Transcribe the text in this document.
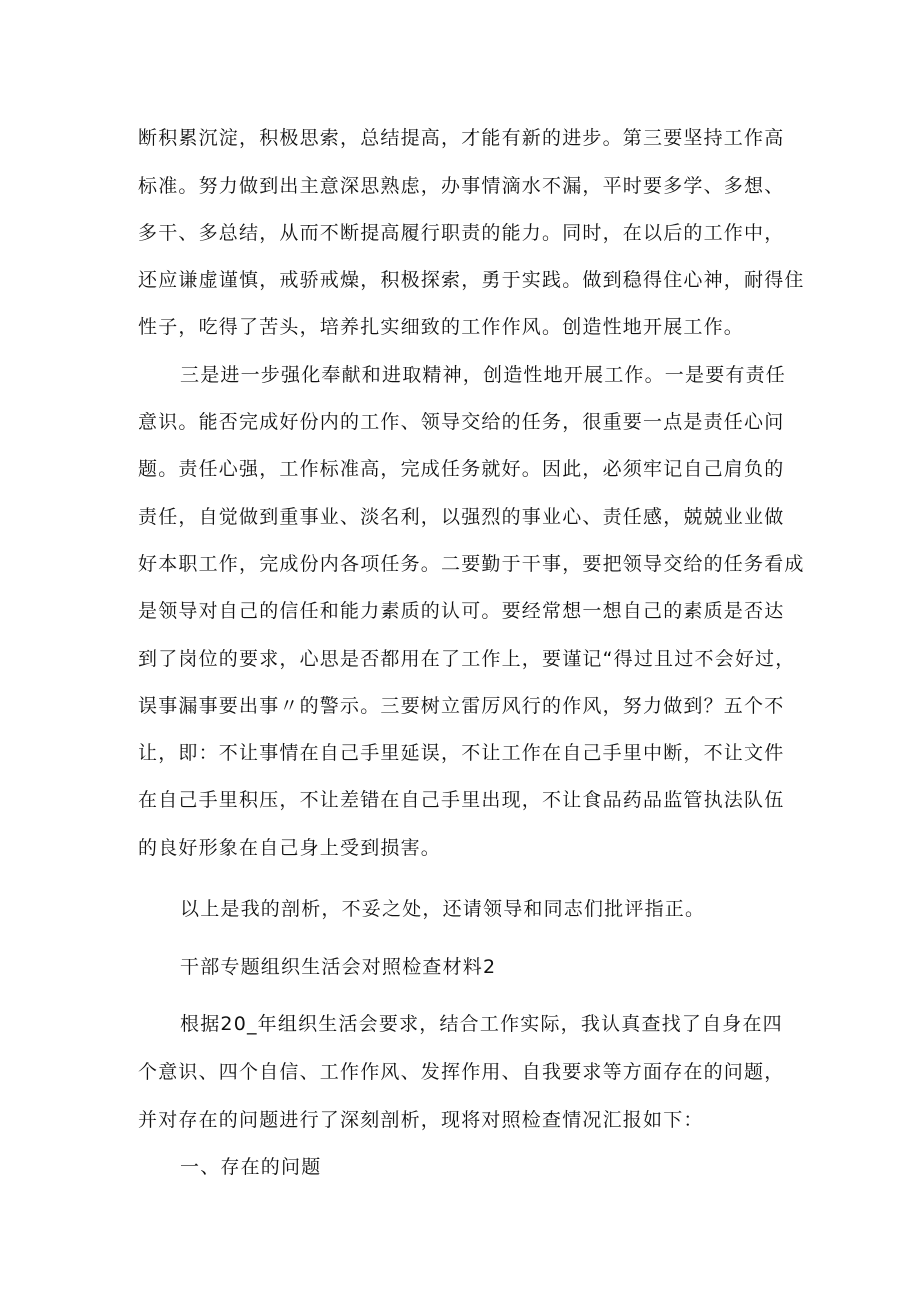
断积累沉淀，积极思索，总结提高，才能有新的进步。第三要坚持工作高

标准。努力做到出主意深思熟虑，办事情滴水不漏，平时要多学、多想、

多干、多总结，从而不断提高履行职责的能力。同时，在以后的工作中，

还应谦虚谨慎，戒骄戒燥，积极探索，勇于实践。做到稳得住心神，耐得住

性子，吃得了苦头，培养扎实细致的工作作风。创造性地开展工作。

三是进一步强化奉献和进取精神，创造性地开展工作。一是要有责任

意识。能否完成好份内的工作、领导交给的任务，很重要一点是责任心问

题。责任心强，工作标准高，完成任务就好。因此，必须牢记自己肩负的

责任，自觉做到重事业、淡名利，以强烈的事业心、责任感，兢兢业业做

好本职工作，完成份内各项任务。二要勤于干事，要把领导交给的任务看成

是领导对自己的信任和能力素质的认可。要经常想一想自己的素质是否达

到了岗位的要求，心思是否都用在了工作上，要谨记“得过且过不会好过，

误事漏事要出事〃的警示。三要树立雷厉风行的作风，努力做到？五个不

让，即：不让事情在自己手里延误，不让工作在自己手里中断，不让文件

在自己手里积压，不让差错在自己手里出现，不让食品药品监管执法队伍

的良好形象在自己身上受到损害。

以上是我的剖析，不妥之处，还请领导和同志们批评指正。

干部专题组织生活会对照检查材料2

根据20_年组织生活会要求，结合工作实际，我认真查找了自身在四

个意识、四个自信、工作作风、发挥作用、自我要求等方面存在的问题，

并对存在的问题进行了深刻剖析，现将对照检查情况汇报如下：

一、存在的问题
